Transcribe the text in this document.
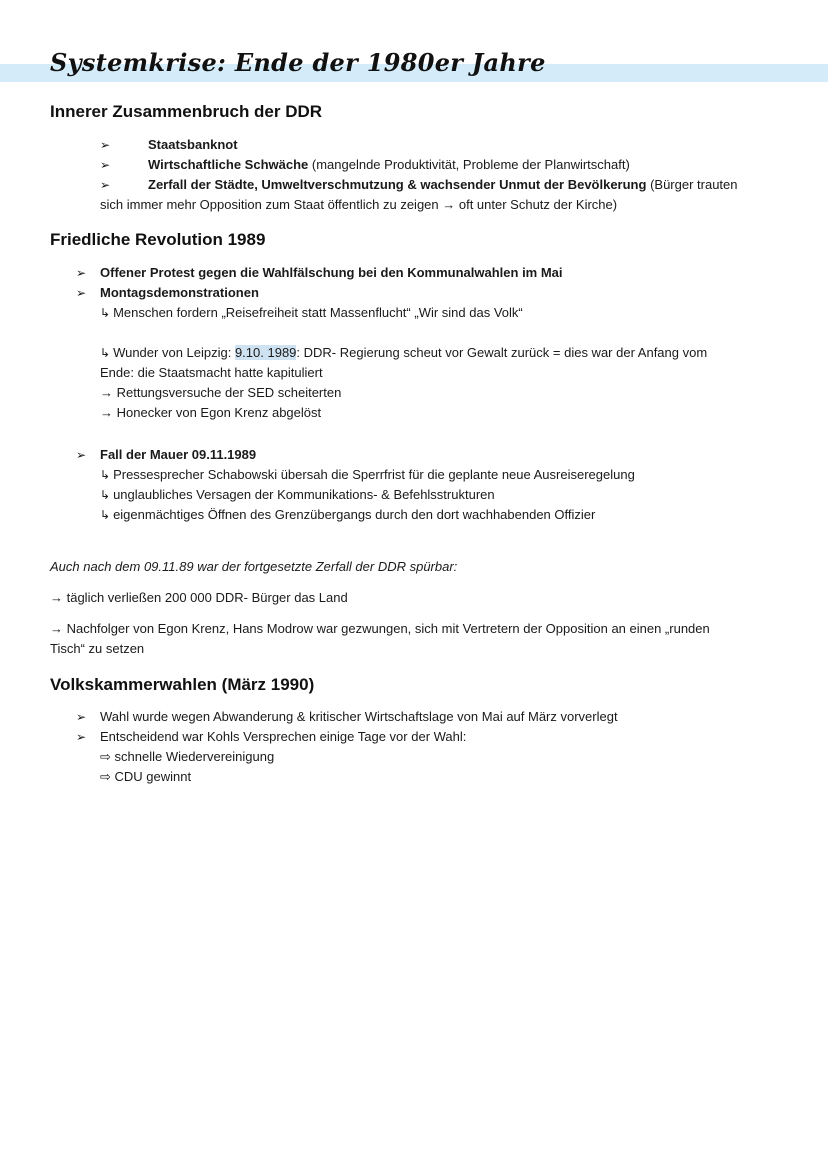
Systemkrise: Ende der 1980er Jahre
Innerer Zusammenbruch der DDR
➢	Staatsbanknot

➢	Wirtschaftliche Schwäche (mangelnde Produktivität, Probleme der Planwirtschaft)

➢	Zerfall der Städte, Umweltverschmutzung & wachsender Unmut der Bevölkerung (Bürger trauten

sich immer mehr Opposition zum Staat öffentlich zu zeigen → oft unter Schutz der Kirche)

Friedliche Revolution 1989
➢ Offener Protest gegen die Wahlfälschung bei den Kommunalwahlen im Mai

➢ Montagsdemonstrationen

↳ Menschen fordern „Reisefreiheit statt Massenflucht“ „Wir sind das Volk“

↳ Wunder von Leipzig: 9.10. 1989: DDR- Regierung scheut vor Gewalt zurück = dies war der Anfang vom

Ende: die Staatsmacht hatte kapituliert

→ Rettungsversuche der SED scheiterten

→ Honecker von Egon Krenz abgelöst

➢ Fall der Mauer 09.11.1989

↳ Pressesprecher Schabowski übersah die Sperrfrist für die geplante neue Ausreiseregelung

↳ unglaubliches Versagen der Kommunikations- & Befehlsstrukturen

↳ eigenmächtiges Öffnen des Grenzübergangs durch den dort wachhabenden Offizier

Auch nach dem 09.11.89 war der fortgesetzte Zerfall der DDR spürbar:

→ täglich verließen 200 000 DDR- Bürger das Land

→ Nachfolger von Egon Krenz, Hans Modrow war gezwungen, sich mit Vertretern der Opposition an einen „runden

Tisch“ zu setzen

Volkskammerwahlen (März 1990)
➢ Wahl wurde wegen Abwanderung & kritischer Wirtschaftslage von Mai auf März vorverlegt

➢ Entscheidend war Kohls Versprechen einige Tage vor der Wahl:

⇨ schnelle Wiedervereinigung

⇨ CDU gewinnt
